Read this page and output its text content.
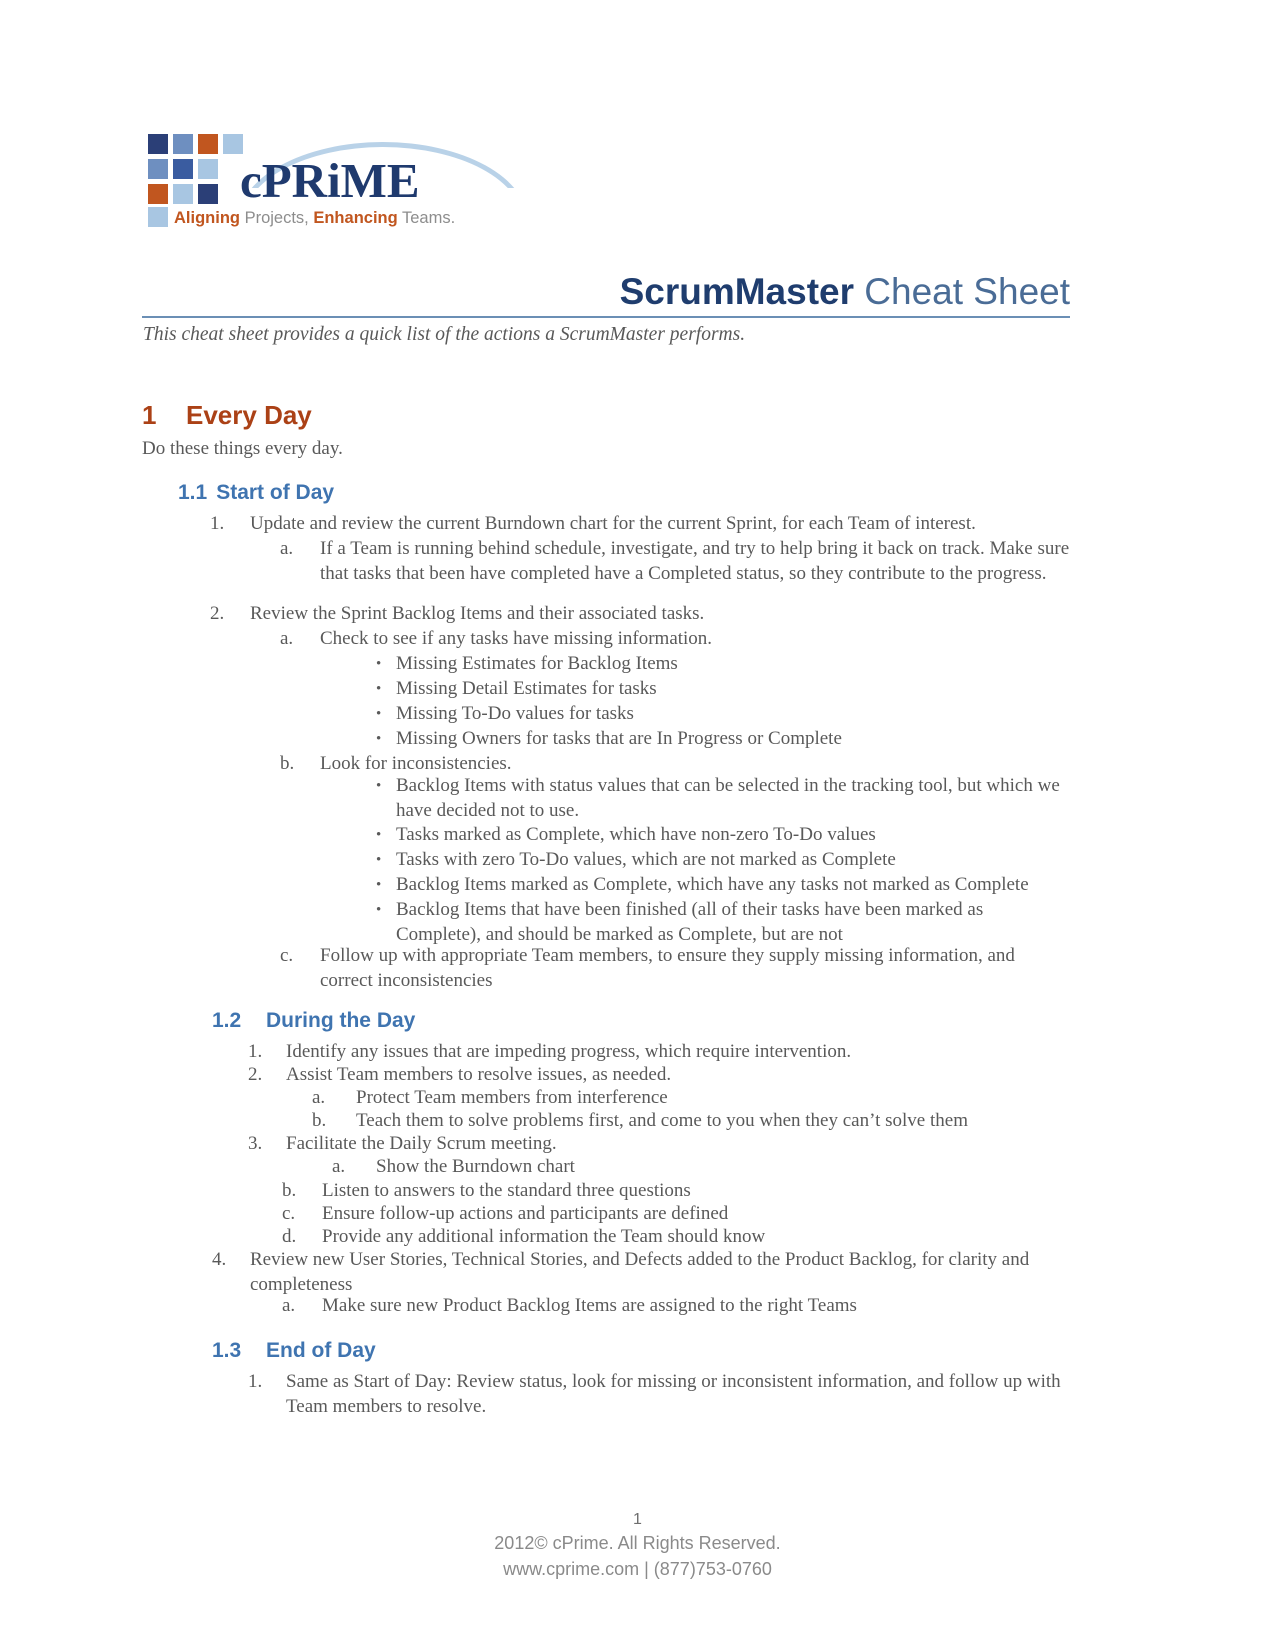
cPRiME
Aligning Projects, Enhancing Teams.
ScrumMaster Cheat Sheet
This cheat sheet provides a quick list of the actions a ScrumMaster performs.
1 Every Day
Do these things every day.
1.1 Start of Day
1.	Update and review the current Burndown chart for the current Sprint, for each Team of interest.
a.	If a Team is running behind schedule, investigate, and try to help bring it back on track. Make sure that tasks that been have completed have a Completed status, so they contribute to the progress.
2.	Review the Sprint Backlog Items and their associated tasks.
a.	Check to see if any tasks have missing information.
• Missing Estimates for Backlog Items
• Missing Detail Estimates for tasks
• Missing To-Do values for tasks
• Missing Owners for tasks that are In Progress or Complete
b.	Look for inconsistencies.
• Backlog Items with status values that can be selected in the tracking tool, but which we have decided not to use.
• Tasks marked as Complete, which have non-zero To-Do values
• Tasks with zero To-Do values, which are not marked as Complete
• Backlog Items marked as Complete, which have any tasks not marked as Complete
• Backlog Items that have been finished (all of their tasks have been marked as Complete), and should be marked as Complete, but are not
c.	Follow up with appropriate Team members, to ensure they supply missing information, and correct inconsistencies
1.2 During the Day
1.	Identify any issues that are impeding progress, which require intervention.
2.	Assist Team members to resolve issues, as needed.
a.	Protect Team members from interference
b.	Teach them to solve problems first, and come to you when they can’t solve them
3.	Facilitate the Daily Scrum meeting.
a.	Show the Burndown chart
b.	Listen to answers to the standard three questions
c.	Ensure follow-up actions and participants are defined
d.	Provide any additional information the Team should know
4.	Review new User Stories, Technical Stories, and Defects added to the Product Backlog, for clarity and completeness
a.	Make sure new Product Backlog Items are assigned to the right Teams
1.3 End of Day
1.	Same as Start of Day: Review status, look for missing or inconsistent information, and follow up with Team members to resolve.
1
2012© cPrime. All Rights Reserved.
www.cprime.com | (877)753-0760
